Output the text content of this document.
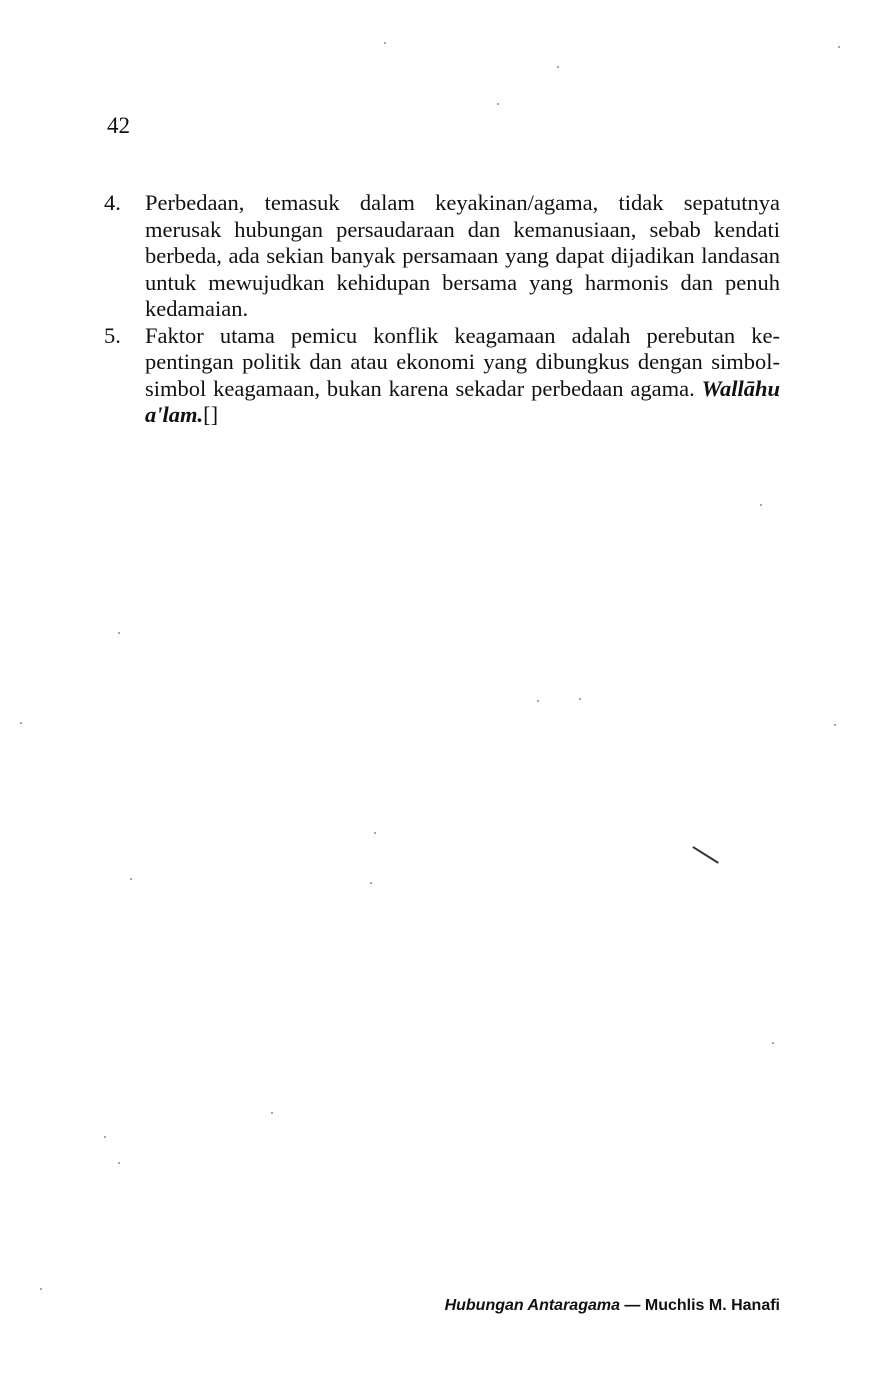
42
4.	Perbedaan, temasuk dalam keyakinan/agama, tidak sepatutnya merusak hubungan persaudaraan dan kemanusiaan, sebab kendati berbeda, ada sekian banyak persamaan yang dapat dijadikan landasan untuk mewujudkan kehidupan bersama yang harmonis dan penuh kedamaian.
5.	Faktor utama pemicu konflik keagamaan adalah perebutan kepentingan politik dan atau ekonomi yang dibungkus dengan simbol-simbol keagamaan, bukan karena sekadar perbedaan agama. Wallāhu a'lam.[]
Hubungan Antaragama — Muchlis M. Hanafi
